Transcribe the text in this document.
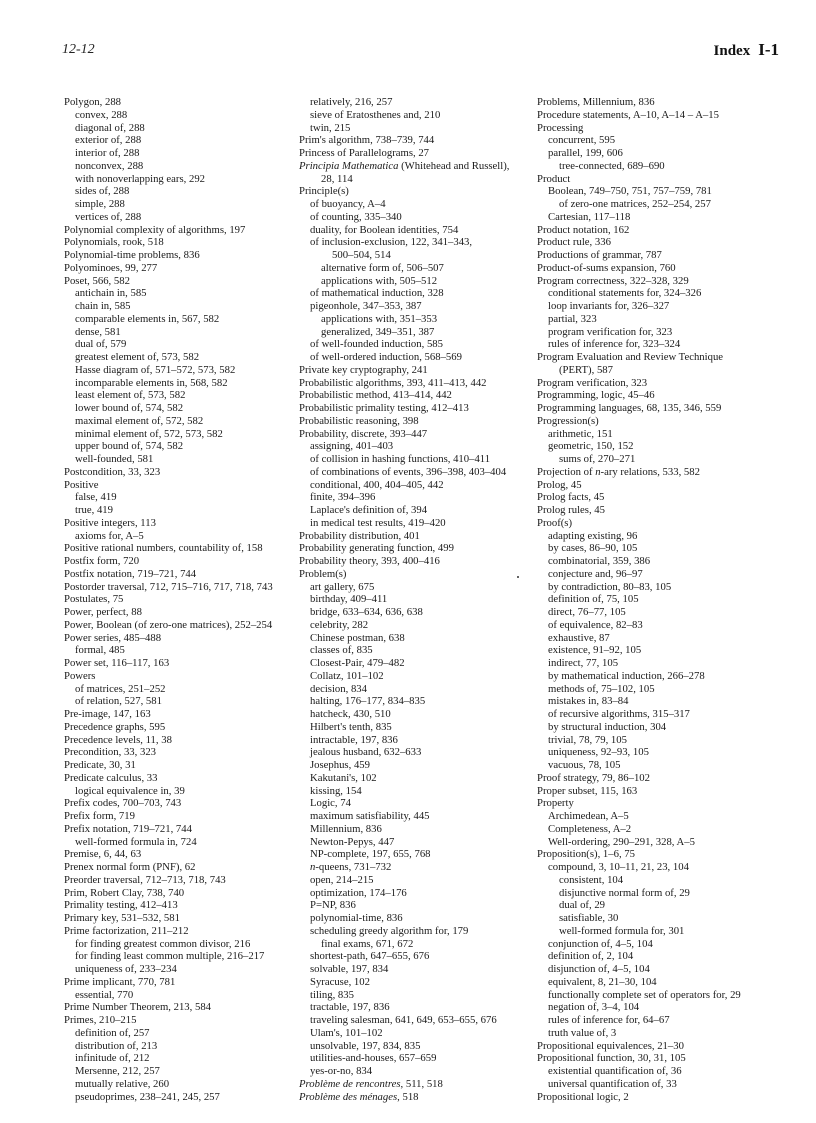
12-12	Index I-1
Polygon, 288
convex, 288
diagonal of, 288
exterior of, 288
interior of, 288
nonconvex, 288
with nonoverlapping ears, 292
sides of, 288
simple, 288
vertices of, 288
Polynomial complexity of algorithms, 197
Polynomials, rook, 518
Polynomial-time problems, 836
Polyominoes, 99, 277
Poset, 566, 582
antichain in, 585
chain in, 585
comparable elements in, 567, 582
dense, 581
dual of, 579
greatest element of, 573, 582
Hasse diagram of, 571–572, 573, 582
incomparable elements in, 568, 582
least element of, 573, 582
lower bound of, 574, 582
maximal element of, 572, 582
minimal element of, 572, 573, 582
upper bound of, 574, 582
well-founded, 581
Postcondition, 33, 323
Positive
false, 419
true, 419
Positive integers, 113
axioms for, A–5
Positive rational numbers, countability of, 158
Postfix form, 720
Postfix notation, 719–721, 744
Postorder traversal, 712, 715–716, 717, 718, 743
Postulates, 75
Power, perfect, 88
Power, Boolean (of zero-one matrices), 252–254
Power series, 485–488
formal, 485
Power set, 116–117, 163
Powers
of matrices, 251–252
of relation, 527, 581
Pre-image, 147, 163
Precedence graphs, 595
Precedence levels, 11, 38
Precondition, 33, 323
Predicate, 30, 31
Predicate calculus, 33
logical equivalence in, 39
Prefix codes, 700–703, 743
Prefix form, 719
Prefix notation, 719–721, 744
well-formed formula in, 724
Premise, 6, 44, 63
Prenex normal form (PNF), 62
Preorder traversal, 712–713, 718, 743
Prim, Robert Clay, 738, 740
Primality testing, 412–413
Primary key, 531–532, 581
Prime factorization, 211–212
for finding greatest common divisor, 216
for finding least common multiple, 216–217
uniqueness of, 233–234
Prime implicant, 770, 781
essential, 770
Prime Number Theorem, 213, 584
Primes, 210–215
definition of, 257
distribution of, 213
infinitude of, 212
Mersenne, 212, 257
mutually relative, 260
pseudoprimes, 238–241, 245, 257
relatively, 216, 257
sieve of Eratosthenes and, 210
twin, 215
Prim's algorithm, 738–739, 744
Princess of Parallelograms, 27
Principia Mathematica (Whitehead and Russell),
28, 114
Principle(s)
of buoyancy, A–4
of counting, 335–340
duality, for Boolean identities, 754
of inclusion-exclusion, 122, 341–343,
500–504, 514
alternative form of, 506–507
applications with, 505–512
of mathematical induction, 328
pigeonhole, 347–353, 387
applications with, 351–353
generalized, 349–351, 387
of well-founded induction, 585
of well-ordered induction, 568–569
Private key cryptography, 241
Probabilistic algorithms, 393, 411–413, 442
Probabilistic method, 413–414, 442
Probabilistic primality testing, 412–413
Probabilistic reasoning, 398
Probability, discrete, 393–447
assigning, 401–403
of collision in hashing functions, 410–411
of combinations of events, 396–398, 403–404
conditional, 400, 404–405, 442
finite, 394–396
Laplace's definition of, 394
in medical test results, 419–420
Probability distribution, 401
Probability generating function, 499
Probability theory, 393, 400–416
Problem(s)
art gallery, 675
birthday, 409–411
bridge, 633–634, 636, 638
celebrity, 282
Chinese postman, 638
classes of, 835
Closest-Pair, 479–482
Collatz, 101–102
decision, 834
halting, 176–177, 834–835
hatcheck, 430, 510
Hilbert's tenth, 835
intractable, 197, 836
jealous husband, 632–633
Josephus, 459
Kakutani's, 102
kissing, 154
Logic, 74
maximum satisfiability, 445
Millennium, 836
Newton-Pepys, 447
NP-complete, 197, 655, 768
n-queens, 731–732
open, 214–215
optimization, 174–176
P=NP, 836
polynomial-time, 836
scheduling greedy algorithm for, 179
final exams, 671, 672
shortest-path, 647–655, 676
solvable, 197, 834
Syracuse, 102
tiling, 835
tractable, 197, 836
traveling salesman, 641, 649, 653–655, 676
Ulam's, 101–102
unsolvable, 197, 834, 835
utilities-and-houses, 657–659
yes-or-no, 834
Problème de rencontres, 511, 518
Problème des ménages, 518
Problems, Millennium, 836
Procedure statements, A–10, A–14 – A–15
Processing
concurrent, 595
parallel, 199, 606
tree-connected, 689–690
Product
Boolean, 749–750, 751, 757–759, 781
of zero-one matrices, 252–254, 257
Cartesian, 117–118
Product notation, 162
Product rule, 336
Productions of grammar, 787
Product-of-sums expansion, 760
Program correctness, 322–328, 329
conditional statements for, 324–326
loop invariants for, 326–327
partial, 323
program verification for, 323
rules of inference for, 323–324
Program Evaluation and Review Technique
(PERT), 587
Program verification, 323
Programming, logic, 45–46
Programming languages, 68, 135, 346, 559
Progression(s)
arithmetic, 151
geometric, 150, 152
sums of, 270–271
Projection of n-ary relations, 533, 582
Prolog, 45
Prolog facts, 45
Prolog rules, 45
Proof(s)
adapting existing, 96
by cases, 86–90, 105
combinatorial, 359, 386
conjecture and, 96–97
by contradiction, 80–83, 105
definition of, 75, 105
direct, 76–77, 105
of equivalence, 82–83
exhaustive, 87
existence, 91–92, 105
indirect, 77, 105
by mathematical induction, 266–278
methods of, 75–102, 105
mistakes in, 83–84
of recursive algorithms, 315–317
by structural induction, 304
trivial, 78, 79, 105
uniqueness, 92–93, 105
vacuous, 78, 105
Proof strategy, 79, 86–102
Proper subset, 115, 163
Property
Archimedean, A–5
Completeness, A–2
Well-ordering, 290–291, 328, A–5
Proposition(s), 1–6, 75
compound, 3, 10–11, 21, 23, 104
consistent, 104
disjunctive normal form of, 29
dual of, 29
satisfiable, 30
well-formed formula for, 301
conjunction of, 4–5, 104
definition of, 2, 104
disjunction of, 4–5, 104
equivalent, 8, 21–30, 104
functionally complete set of operators for, 29
negation of, 3–4, 104
rules of inference for, 64–67
truth value of, 3
Propositional equivalences, 21–30
Propositional function, 30, 31, 105
existential quantification of, 36
universal quantification of, 33
Propositional logic, 2
